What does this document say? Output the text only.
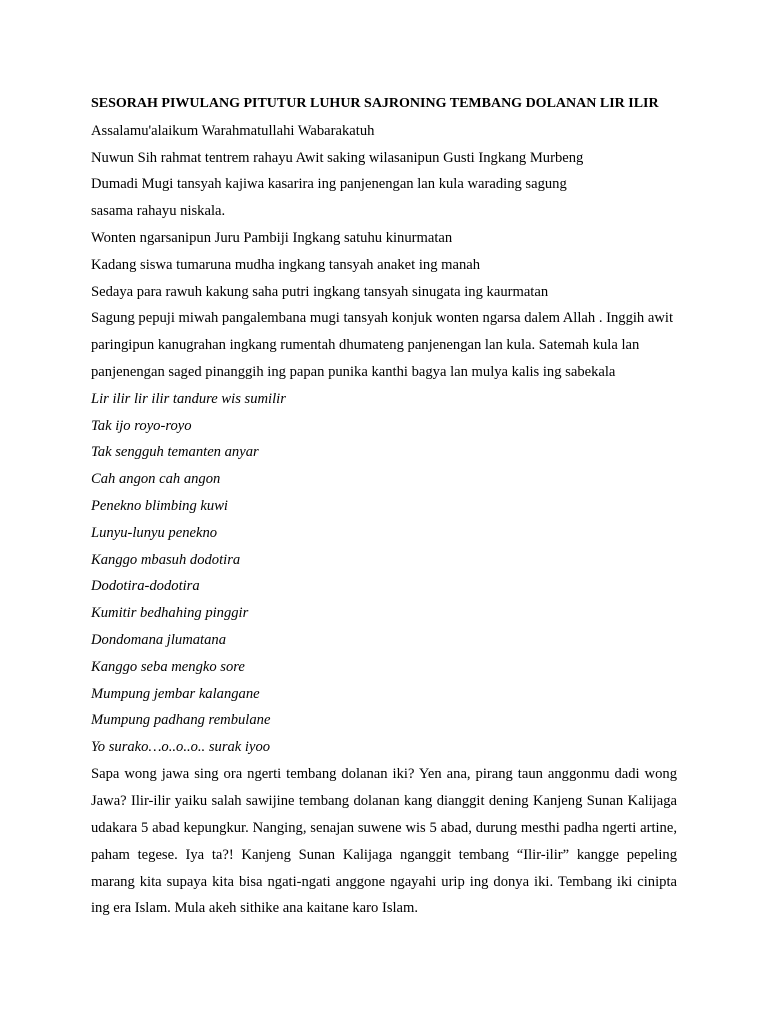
SESORAH PIWULANG PITUTUR LUHUR SAJRONING TEMBANG DOLANAN LIR ILIR

Assalamu'alaikum Warahmatullahi Wabarakatuh

Nuwun Sih rahmat tentrem rahayu Awit saking wilasanipun Gusti Ingkang Murbeng

Dumadi Mugi tansyah kajiwa kasarira ing panjenengan lan kula warading sagung

sasama rahayu niskala.

Wonten ngarsanipun Juru Pambiji Ingkang satuhu kinurmatan

Kadang siswa tumaruna mudha ingkang tansyah anaket ing manah

Sedaya para rawuh kakung saha putri ingkang tansyah sinugata ing kaurmatan

Sagung pepuji miwah pangalembana mugi tansyah konjuk wonten ngarsa dalem Allah . Inggih awit paringipun kanugrahan ingkang rumentah dhumateng panjenengan lan kula. Satemah kula lan panjenengan saged pinanggih ing papan punika kanthi bagya lan mulya kalis ing sabekala

Lir ilir lir ilir tandure wis sumilir

Tak ijo royo-royo

Tak sengguh temanten anyar

Cah angon cah angon

Penekno blimbing kuwi

Lunyu-lunyu penekno

Kanggo mbasuh dodotira

Dodotira-dodotira

Kumitir bedhahing pinggir

Dondomana jlumatana

Kanggo seba mengko sore

Mumpung jembar kalangane

Mumpung padhang rembulane

Yo surako…o..o..o.. surak iyoo

Sapa wong jawa sing ora ngerti tembang dolanan iki? Yen ana, pirang taun anggonmu dadi wong Jawa? Ilir-ilir yaiku salah sawijine tembang dolanan kang dianggit dening Kanjeng Sunan Kalijaga udakara 5 abad kepungkur. Nanging, senajan suwene wis 5 abad, durung mesthi padha ngerti artine, paham tegese. Iya ta?! Kanjeng Sunan Kalijaga nganggit tembang “Ilir-ilir” kangge pepeling marang kita supaya kita bisa ngati-ngati anggone ngayahi urip ing donya iki. Tembang iki cinipta ing era Islam. Mula akeh sithike ana kaitane karo Islam.
